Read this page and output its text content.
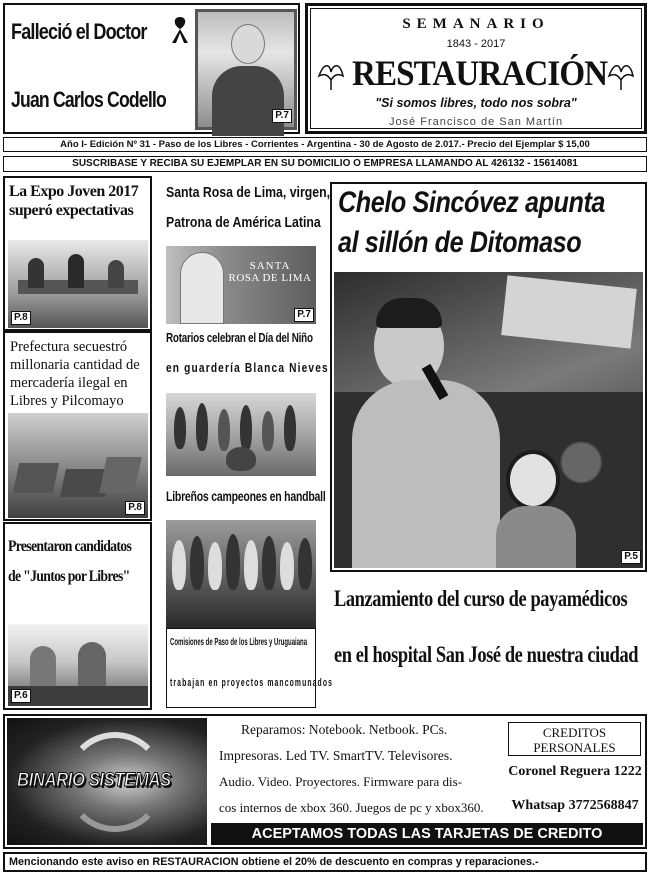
Falleció el Doctor
Juan Carlos Codello
P.7
SEMANARIO
1843 - 2017
RESTAURACIÓN
"Si somos libres, todo nos sobra"
José Francisco de San Martín
Año I- Edición Nº 31 - Paso de los Libres - Corrientes - Argentina - 30 de Agosto de 2.017.- Precio del Ejemplar $ 15,00
SUSCRIBASE Y RECIBA SU EJEMPLAR EN SU DOMICILIO O EMPRESA LLAMANDO AL 426132 - 15614081
La Expo Joven 2017 superó expectativas
P.8
Prefectura secuestró millonaria cantidad de mercadería ilegal en Libres y Pilcomayo
P.8
Presentaron candidatos
de "Juntos por Libres"
P.6
Santa Rosa de Lima, virgen,
Patrona de América Latina
SANTA
ROSA DE LIMA
P.7
Rotarios celebran el Día del Niño
en guardería Blanca Nieves
Libreños campeones en handball
Comisiones de Paso de los Libres y Uruguaiana
trabajan en proyectos mancomunados
Chelo Sincóvez apunta
al sillón de Ditomaso
P.5
Lanzamiento del curso de payamédicos
en el hospital San José de nuestra ciudad
BINARIO SISTEMAS
Reparamos: Notebook. Netbook. PCs.
Impresoras. Led TV. SmartTV. Televisores.
Audio. Video. Proyectores. Firmware para dis-
cos internos de xbox 360. Juegos de pc y xbox360.
CREDITOS
PERSONALES
Coronel Reguera 1222
Whatsap 3772568847
ACEPTAMOS TODAS LAS TARJETAS DE CREDITO
Mencionando este aviso en RESTAURACION obtiene el 20% de descuento en compras y reparaciones.-
